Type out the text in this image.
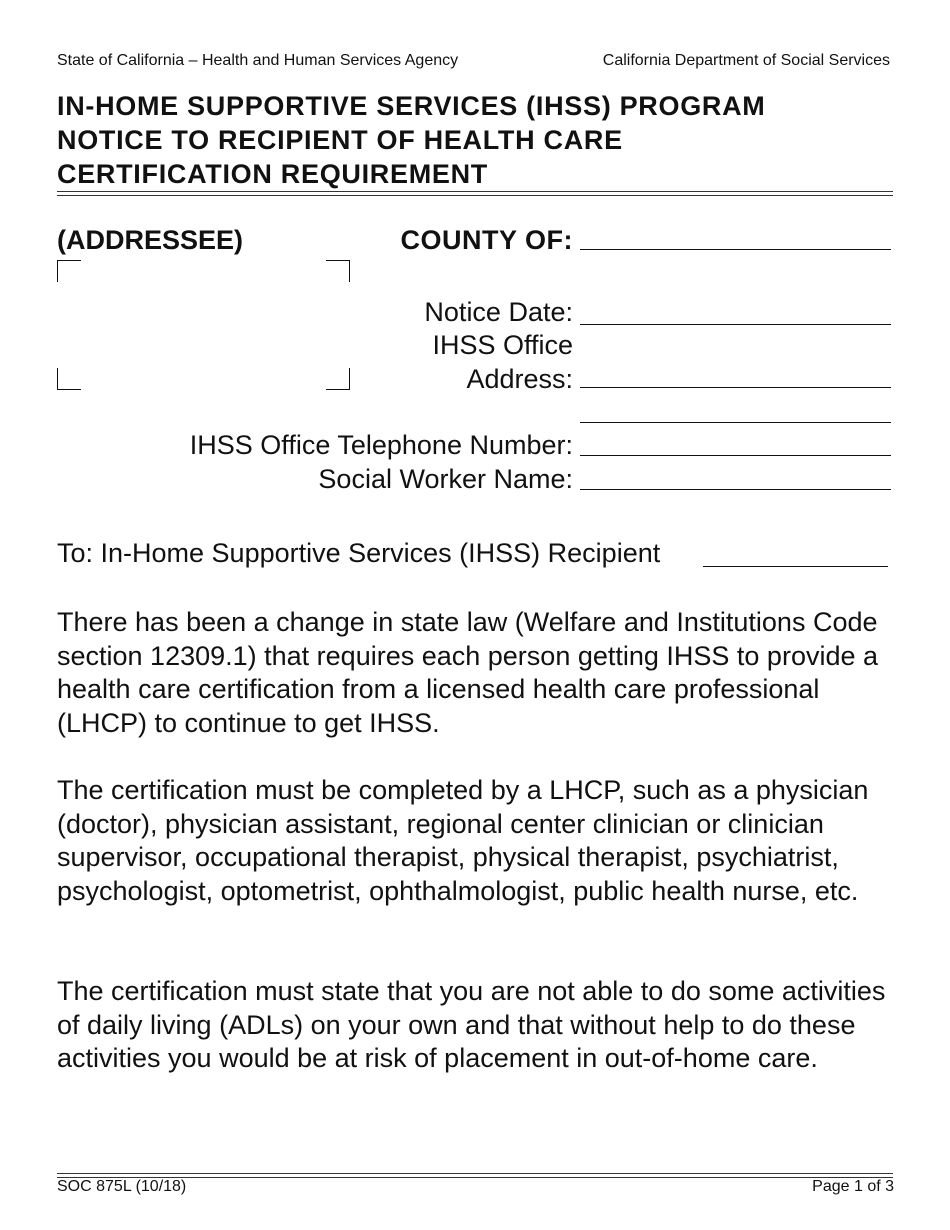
State of California – Health and Human Services Agency	California Department of Social Services
IN-HOME SUPPORTIVE SERVICES (IHSS) PROGRAM
NOTICE TO RECIPIENT OF HEALTH CARE
CERTIFICATION REQUIREMENT
(ADDRESSEE)	COUNTY OF:
Notice Date:
IHSS Office
Address:
IHSS Office Telephone Number:
Social Worker Name:
To: In-Home Supportive Services (IHSS) Recipient

There has been a change in state law (Welfare and Institutions Code section 12309.1) that requires each person getting IHSS to provide a health care certification from a licensed health care professional (LHCP) to continue to get IHSS.

The certification must be completed by a LHCP, such as a physician (doctor), physician assistant, regional center clinician or clinician supervisor, occupational therapist, physical therapist, psychiatrist, psychologist, optometrist, ophthalmologist, public health nurse, etc.

The certification must state that you are not able to do some activities of daily living (ADLs) on your own and that without help to do these activities you would be at risk of placement in out-of-home care.

SOC 875L (10/18)	Page 1 of 3
